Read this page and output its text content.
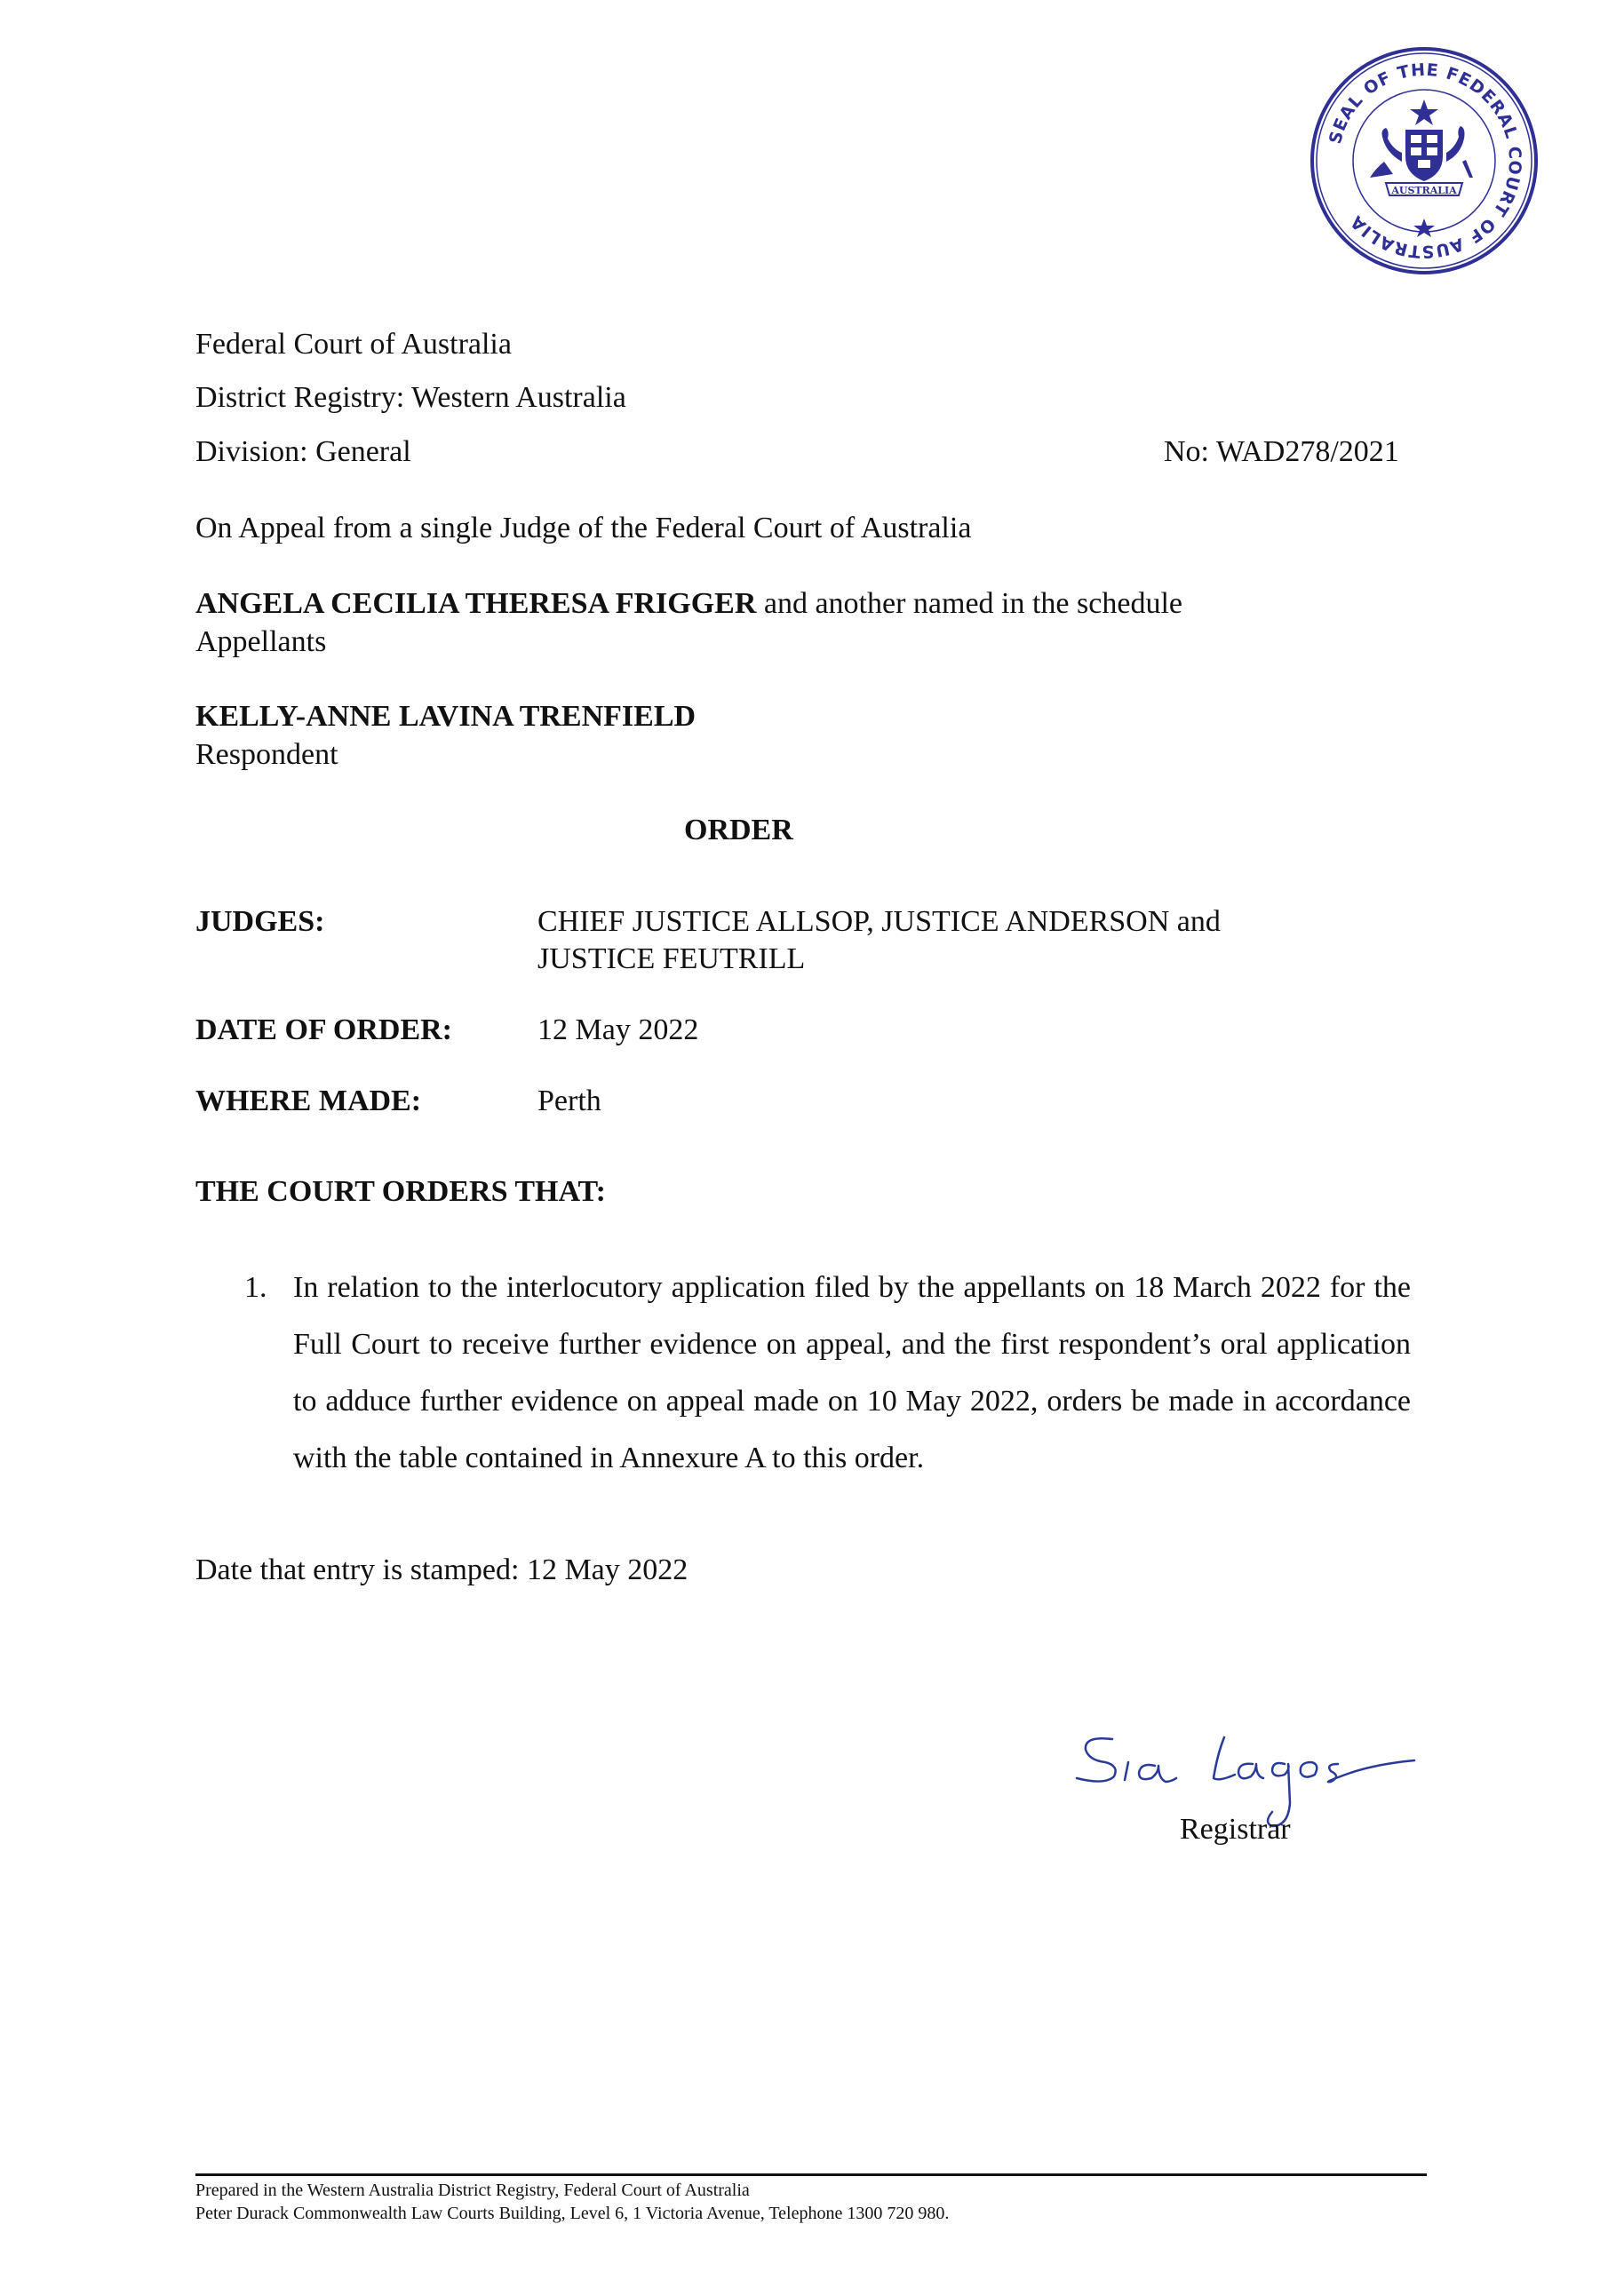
SEAL OF THE FEDERAL COURT OF AUSTRALIA
AUSTRALIA
Federal Court of Australia
District Registry: Western Australia
Division: General	No: WAD278/2021
On Appeal from a single Judge of the Federal Court of Australia
ANGELA CECILIA THERESA FRIGGER and another named in the schedule
Appellants
KELLY-ANNE LAVINA TRENFIELD
Respondent
ORDER
JUDGES:	CHIEF JUSTICE ALLSOP, JUSTICE ANDERSON and
JUSTICE FEUTRILL
DATE OF ORDER:	12 May 2022
WHERE MADE:	Perth
THE COURT ORDERS THAT:
1. In relation to the interlocutory application filed by the appellants on 18 March 2022 for the Full Court to receive further evidence on appeal, and the first respondent’s oral application to adduce further evidence on appeal made on 10 May 2022, orders be made in accordance with the table contained in Annexure A to this order.
Date that entry is stamped: 12 May 2022
Registrar
Prepared in the Western Australia District Registry, Federal Court of Australia
Peter Durack Commonwealth Law Courts Building, Level 6, 1 Victoria Avenue, Telephone 1300 720 980.
